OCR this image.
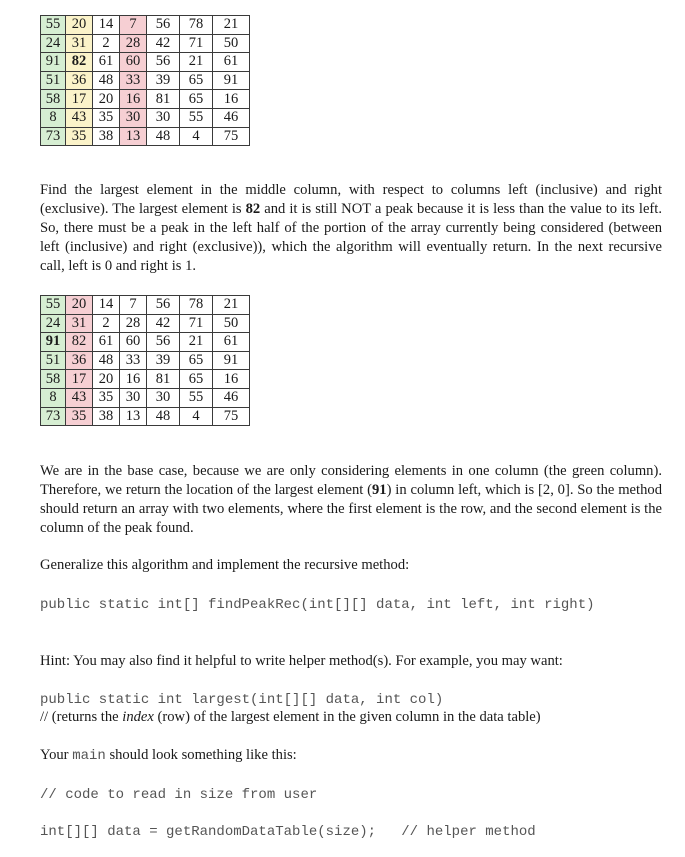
55	20	14	7	56	78	21
24	31	2	28	42	71	50
91	82	61	60	56	21	61
51	36	48	33	39	65	91
58	17	20	16	81	65	16
8	43	35	30	30	55	46
73	35	38	13	48	4	75
Find the largest element in the middle column, with respect to columns left (inclusive) and right (exclusive). The largest element is 82 and it is still NOT a peak because it is less than the value to its left. So, there must be a peak in the left half of the portion of the array currently being considered (between left (inclusive) and right (exclusive)), which the algorithm will eventually return. In the next recursive call, left is 0 and right is 1.
55	20	14	7	56	78	21
24	31	2	28	42	71	50
91	82	61	60	56	21	61
51	36	48	33	39	65	91
58	17	20	16	81	65	16
8	43	35	30	30	55	46
73	35	38	13	48	4	75
We are in the base case, because we are only considering elements in one column (the green column). Therefore, we return the location of the largest element (91) in column left, which is [2, 0]. So the method should return an array with two elements, where the first element is the row, and the second element is the column of the peak found.
Generalize this algorithm and implement the recursive method:
public static int[] findPeakRec(int[][] data, int left, int right)
Hint: You may also find it helpful to write helper method(s). For example, you may want:
public static int largest(int[][] data, int col)
// (returns the index (row) of the largest element in the given column in the data table)
Your main should look something like this:
// code to read in size from user
int[][] data = getRandomDataTable(size);   // helper method
